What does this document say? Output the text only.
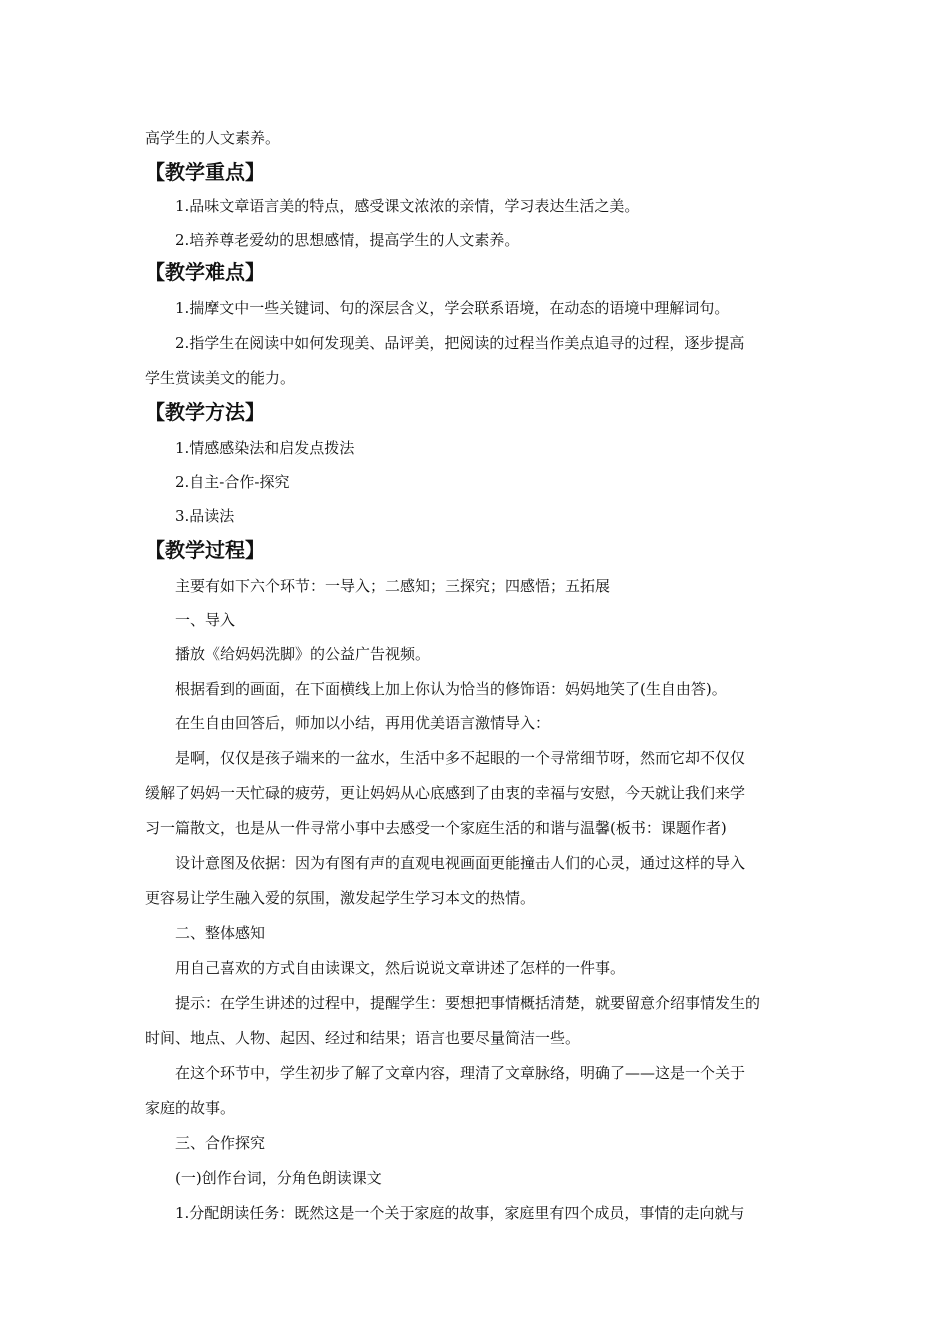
高学生的人文素养。

【教学重点】

1.品味文章语言美的特点，感受课文浓浓的亲情，学习表达生活之美。

2.培养尊老爱幼的思想感情，提高学生的人文素养。

【教学难点】

1.揣摩文中一些关键词、句的深层含义，学会联系语境，在动态的语境中理解词句。

2.指学生在阅读中如何发现美、品评美，把阅读的过程当作美点追寻的过程，逐步提高

学生赏读美文的能力。

【教学方法】

1.情感感染法和启发点拨法

2.自主-合作-探究

3.品读法

【教学过程】

主要有如下六个环节：一导入；二感知；三探究；四感悟；五拓展

一、导入

播放《给妈妈洗脚》的公益广告视频。

根据看到的画面，在下面横线上加上你认为恰当的修饰语：妈妈地笑了(生自由答)。

在生自由回答后，师加以小结，再用优美语言激情导入：

是啊，仅仅是孩子端来的一盆水，生活中多不起眼的一个寻常细节呀，然而它却不仅仅

缓解了妈妈一天忙碌的疲劳，更让妈妈从心底感到了由衷的幸福与安慰，今天就让我们来学

习一篇散文，也是从一件寻常小事中去感受一个家庭生活的和谐与温馨(板书：课题作者)

设计意图及依据：因为有图有声的直观电视画面更能撞击人们的心灵，通过这样的导入

更容易让学生融入爱的氛围，激发起学生学习本文的热情。

二、整体感知

用自己喜欢的方式自由读课文，然后说说文章讲述了怎样的一件事。

提示：在学生讲述的过程中，提醒学生：要想把事情概括清楚，就要留意介绍事情发生的

时间、地点、人物、起因、经过和结果；语言也要尽量简洁一些。

在这个环节中，学生初步了解了文章内容，理清了文章脉络，明确了——这是一个关于

家庭的故事。

三、合作探究

(一)创作台词，分角色朗读课文

1.分配朗读任务：既然这是一个关于家庭的故事，家庭里有四个成员，事情的走向就与
